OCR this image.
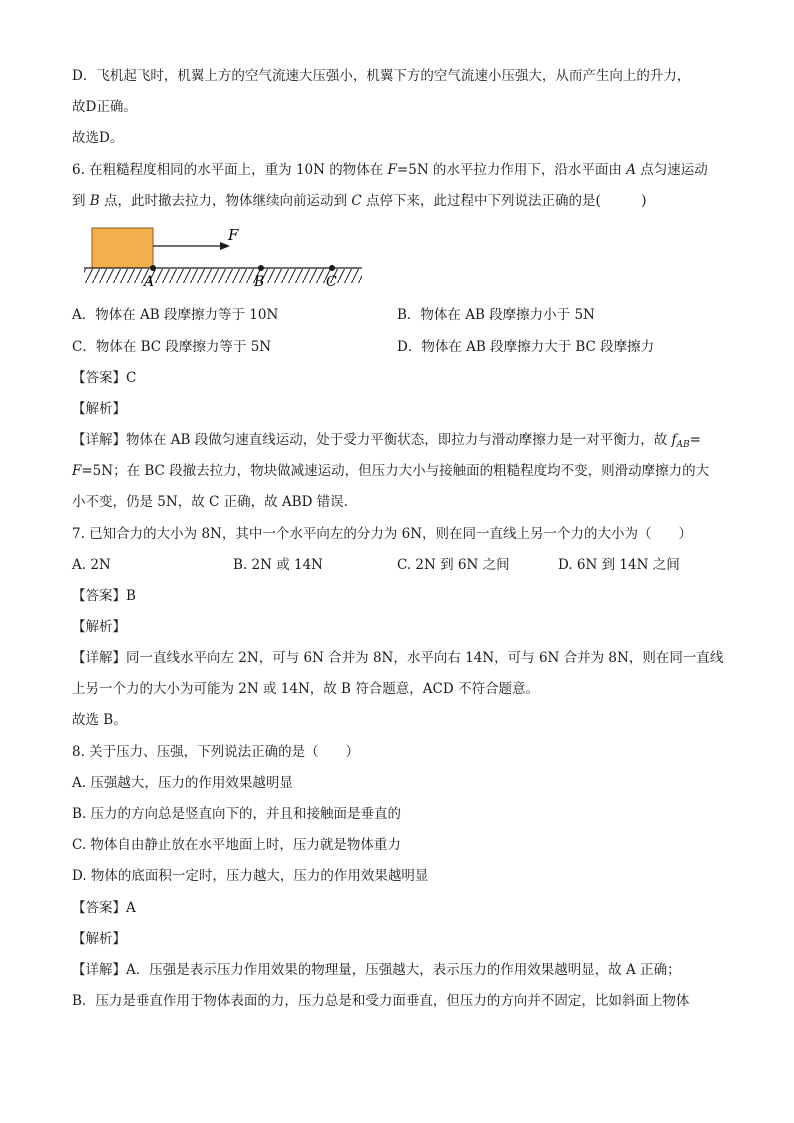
D．飞机起飞时，机翼上方的空气流速大压强小，机翼下方的空气流速小压强大，从而产生向上的升力，
故D正确。
故选D。
6. 在粗糙程度相同的水平面上，重为 10N 的物体在 F=5N 的水平拉力作用下，沿水平面由 A 点匀速运动
到 B 点，此时撤去拉力，物体继续向前运动到 C 点停下来，此过程中下列说法正确的是(　　　)
F
A	B	C
A．物体在 AB 段摩擦力等于 10N	B．物体在 AB 段摩擦力小于 5N
C．物体在 BC 段摩擦力等于 5N	D．物体在 AB 段摩擦力大于 BC 段摩擦力
【答案】C
【解析】
【详解】物体在 AB 段做匀速直线运动，处于受力平衡状态，即拉力与滑动摩擦力是一对平衡力，故 $f_{AB}=$
F=5N；在 BC 段撤去拉力，物块做减速运动，但压力大小与接触面的粗糙程度均不变，则滑动摩擦力的大
小不变，仍是 5N，故 C 正确，故 ABD 错误.
7. 已知合力的大小为 8N，其中一个水平向左的分力为 6N，则在同一直线上另一个力的大小为（　　）
A. 2N	B. 2N 或 14N	C. 2N 到 6N 之间	D. 6N 到 14N 之间
【答案】B
【解析】
【详解】同一直线水平向左 2N，可与 6N 合并为 8N，水平向右 14N，可与 6N 合并为 8N，则在同一直线
上另一个力的大小为可能为 2N 或 14N，故 B 符合题意，ACD 不符合题意。
故选 B。
8. 关于压力、压强，下列说法正确的是（　　）
A. 压强越大，压力的作用效果越明显
B. 压力的方向总是竖直向下的，并且和接触面是垂直的
C. 物体自由静止放在水平地面上时，压力就是物体重力
D. 物体的底面积一定时，压力越大，压力的作用效果越明显
【答案】A
【解析】
【详解】A．压强是表示压力作用效果的物理量，压强越大，表示压力的作用效果越明显，故 A 正确；
B．压力是垂直作用于物体表面的力，压力总是和受力面垂直，但压力的方向并不固定，比如斜面上物体
